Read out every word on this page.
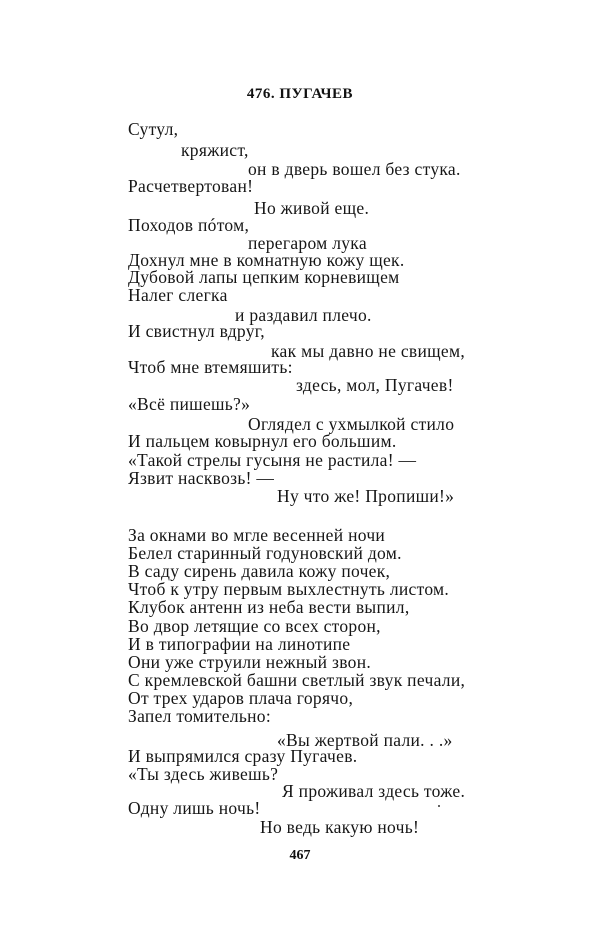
476. ПУГАЧЕВ
Сутул,
кряжист,
он в дверь вошел без стука.
Расчетвертован!
Но живой еще.
Походов пóтом,
перегаром лука
Дохнул мне в комнатную кожу щек.
Дубовой лапы цепким корневищем
Налег слегка
и раздавил плечо.
И свистнул вдруг,
как мы давно не свищем,
Чтоб мне втемяшить:
здесь, мол, Пугачев!
«Всё пишешь?»
Оглядел с ухмылкой стило
И пальцем ковырнул его большим.
«Такой стрелы гусыня не растила! —
Язвит насквозь! —
Ну что же! Пропиши!»
За окнами во мгле весенней ночи
Белел старинный годуновский дом.
В саду сирень давила кожу почек,
Чтоб к утру первым выхлестнуть листом.
Клубок антенн из неба вести выпил,
Во двор летящие со всех сторон,
И в типографии на линотипе
Они уже струили нежный звон.
С кремлевской башни светлый звук печали,
От трех ударов плача горячо,
Запел томительно:
«Вы жертвой пали. . .»
И выпрямился сразу Пугачев.
«Ты здесь живешь?
Я проживал здесь тоже.
Одну лишь ночь!
Но ведь какую ночь!
467
